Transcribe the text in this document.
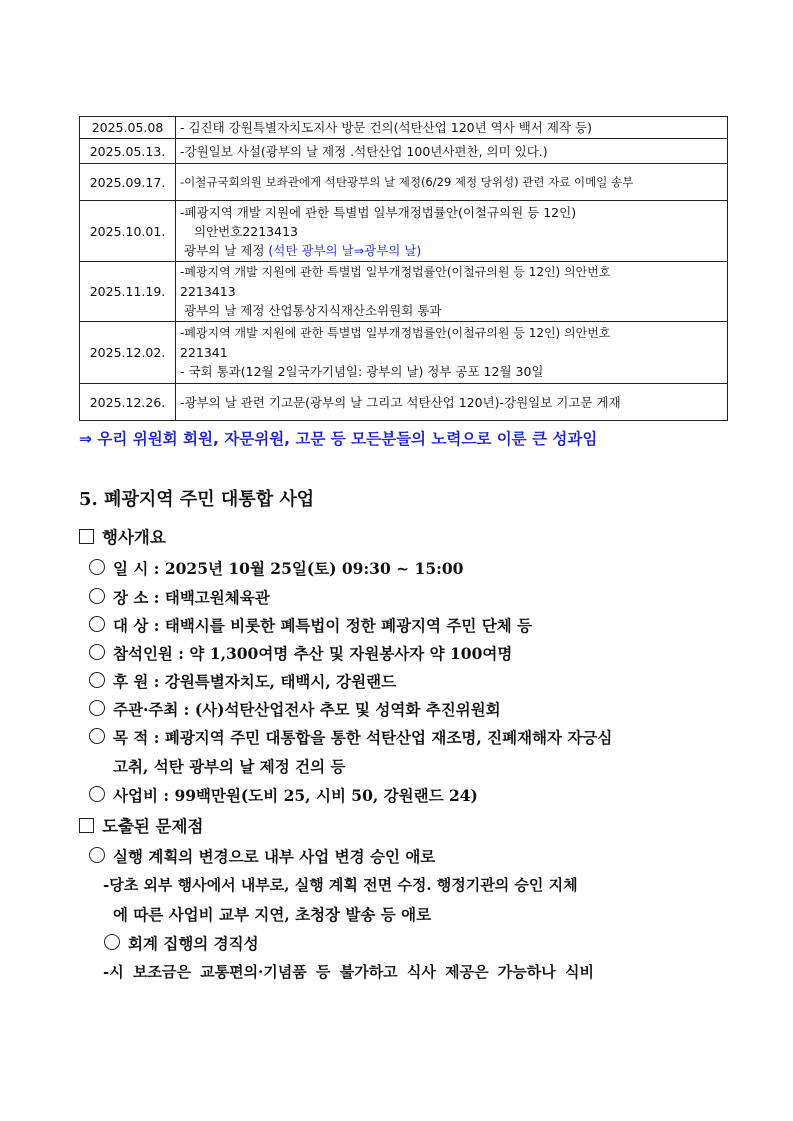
2025.05.08	- 김진태 강원특별자치도지사 방문 건의(석탄산업 120년 역사 백서 제작 등)

2025.05.13.	-강원일보 사설(광부의 날 제정 .석탄산업 100년사편찬, 의미 있다.)

2025.09.17.	-이철규국회의원 보좌관에게 석탄광부의 날 제정(6/29 제정 당위성) 관련 자료 이메일 송부

2025.10.01.	-폐광지역 개발 지원에 관한 특별법 일부개정법률안(이철규의원 등 12인)
의안번호2213413
광부의 날 제정 (석탄 광부의 날⇒광부의 날)

2025.11.19.	-폐광지역 개발 지원에 관한 특별법 일부개정법률안(이철규의원 등 12인) 의안번호
2213413
광부의 날 제정 산업통상지식재산소위원회 통과

2025.12.02.	-폐광지역 개발 지원에 관한 특별법 일부개정법률안(이철규의원 등 12인) 의안번호
221341
- 국회 통과(12월 2일국가기념일: 광부의 날) 정부 공포 12월 30일

2025.12.26.	-광부의 날 관련 기고문(광부의 날 그리고 석탄산업 120년)-강원일보 기고문 게재
⇒ 우리 위원회 회원, 자문위원, 고문 등 모든분들의 노력으로 이룬 큰 성과임
5. 폐광지역 주민 대통합 사업
행사개요
일 시 : 2025년 10월 25일(토) 09:30 ~ 15:00
장 소 : 태백고원체육관
대 상 : 태백시를 비롯한 폐특법이 정한 폐광지역 주민 단체 등
참석인원 : 약 1,300여명 추산 및 자원봉사자 약 100여명
후 원 : 강원특별자치도, 태백시, 강원랜드
주관·주최 : (사)석탄산업전사 추모 및 성역화 추진위원회
목 적 : 폐광지역 주민 대통합을 통한 석탄산업 재조명, 진폐재해자 자긍심
고취, 석탄 광부의 날 제정 건의 등
사업비 : 99백만원(도비 25, 시비 50, 강원랜드 24)
도출된 문제점
실행 계획의 변경으로 내부 사업 변경 승인 애로
-당초 외부 행사에서 내부로, 실행 계획 전면 수정. 행정기관의 승인 지체
에 따른 사업비 교부 지연, 초청장 발송 등 애로
회계 집행의 경직성
-시 보조금은 교통편의·기념품 등 불가하고 식사 제공은 가능하나 식비
